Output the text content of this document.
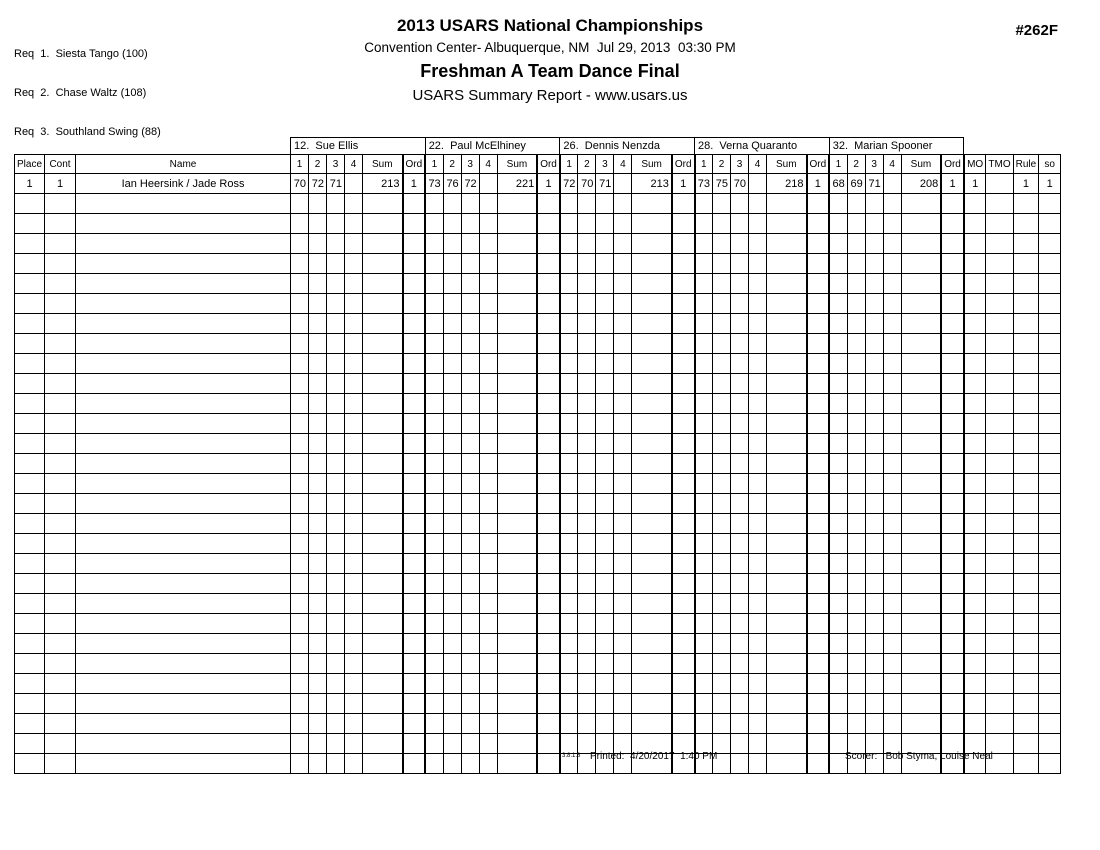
Req  1.  Siesta Tango (100)

Req  2.  Chase Waltz (108)

Req  3.  Southland Swing (88)

2013 USARS National Championships
Convention Center- Albuquerque, NM  Jul 29, 2013  03:30 PM
Freshman A Team Dance Final
USARS Summary Report - www.usars.us
#262F
			12.  Sue Ellis						22.  Paul McElhiney						26.  Dennis Nenzda						28.  Verna Quaranto						32.  Marian Spooner									
Place	Cont	Name	1	2	3	4	Sum	Ord	1	2	3	4	Sum	Ord	1	2	3	4	Sum	Ord	1	2	3	4	Sum	Ord	1	2	3	4	Sum	Ord	MO	TMO	Rule	so
1	1	Ian Heersink / Jade Ross	70	72	71		213	1	73	76	72		221	1	72	70	71		213	1	73	75	70		218	1	68	69	71		208	1	1		1	1

3.8.1.8 Printed:  4/20/2017  1:40 PM	Scorer:   Bob Styma, Louise Neal
